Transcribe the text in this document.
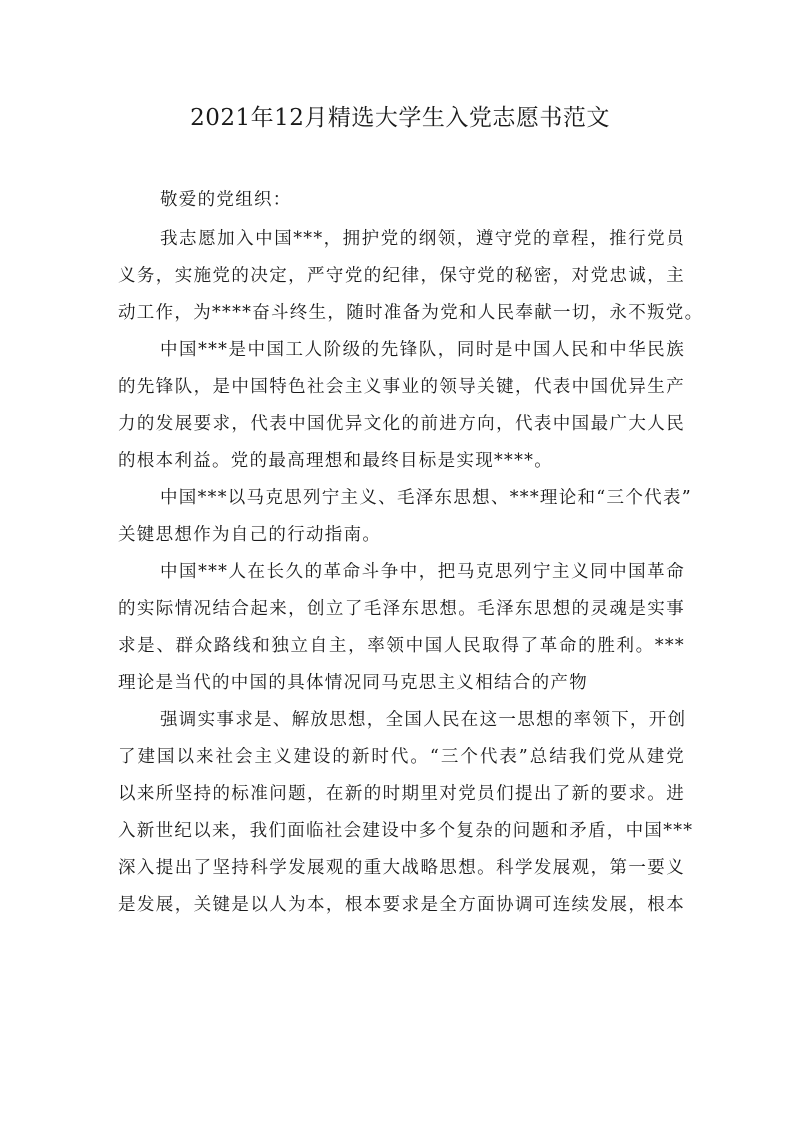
2021年12月精选大学生入党志愿书范文
敬爱的党组织：
我志愿加入中国***，拥护党的纲领，遵守党的章程，推行党员
义务，实施党的决定，严守党的纪律，保守党的秘密，对党忠诚，主
动工作，为****奋斗终生，随时准备为党和人民奉献一切，永不叛党。
中国***是中国工人阶级的先锋队，同时是中国人民和中华民族
的先锋队，是中国特色社会主义事业的领导关键，代表中国优异生产
力的发展要求，代表中国优异文化的前进方向，代表中国最广大人民
的根本利益。党的最高理想和最终目标是实现****。
中国***以马克思列宁主义、毛泽东思想、***理论和“三个代表”
关键思想作为自己的行动指南。
中国***人在长久的革命斗争中，把马克思列宁主义同中国革命
的实际情况结合起来，创立了毛泽东思想。毛泽东思想的灵魂是实事
求是、群众路线和独立自主，率领中国人民取得了革命的胜利。***
理论是当代的中国的具体情况同马克思主义相结合的产物
强调实事求是、解放思想，全国人民在这一思想的率领下，开创
了建国以来社会主义建设的新时代。“三个代表”总结我们党从建党
以来所坚持的标准问题，在新的时期里对党员们提出了新的要求。进
入新世纪以来，我们面临社会建设中多个复杂的问题和矛盾，中国***
深入提出了坚持科学发展观的重大战略思想。科学发展观，第一要义
是发展，关键是以人为本，根本要求是全方面协调可连续发展，根本
